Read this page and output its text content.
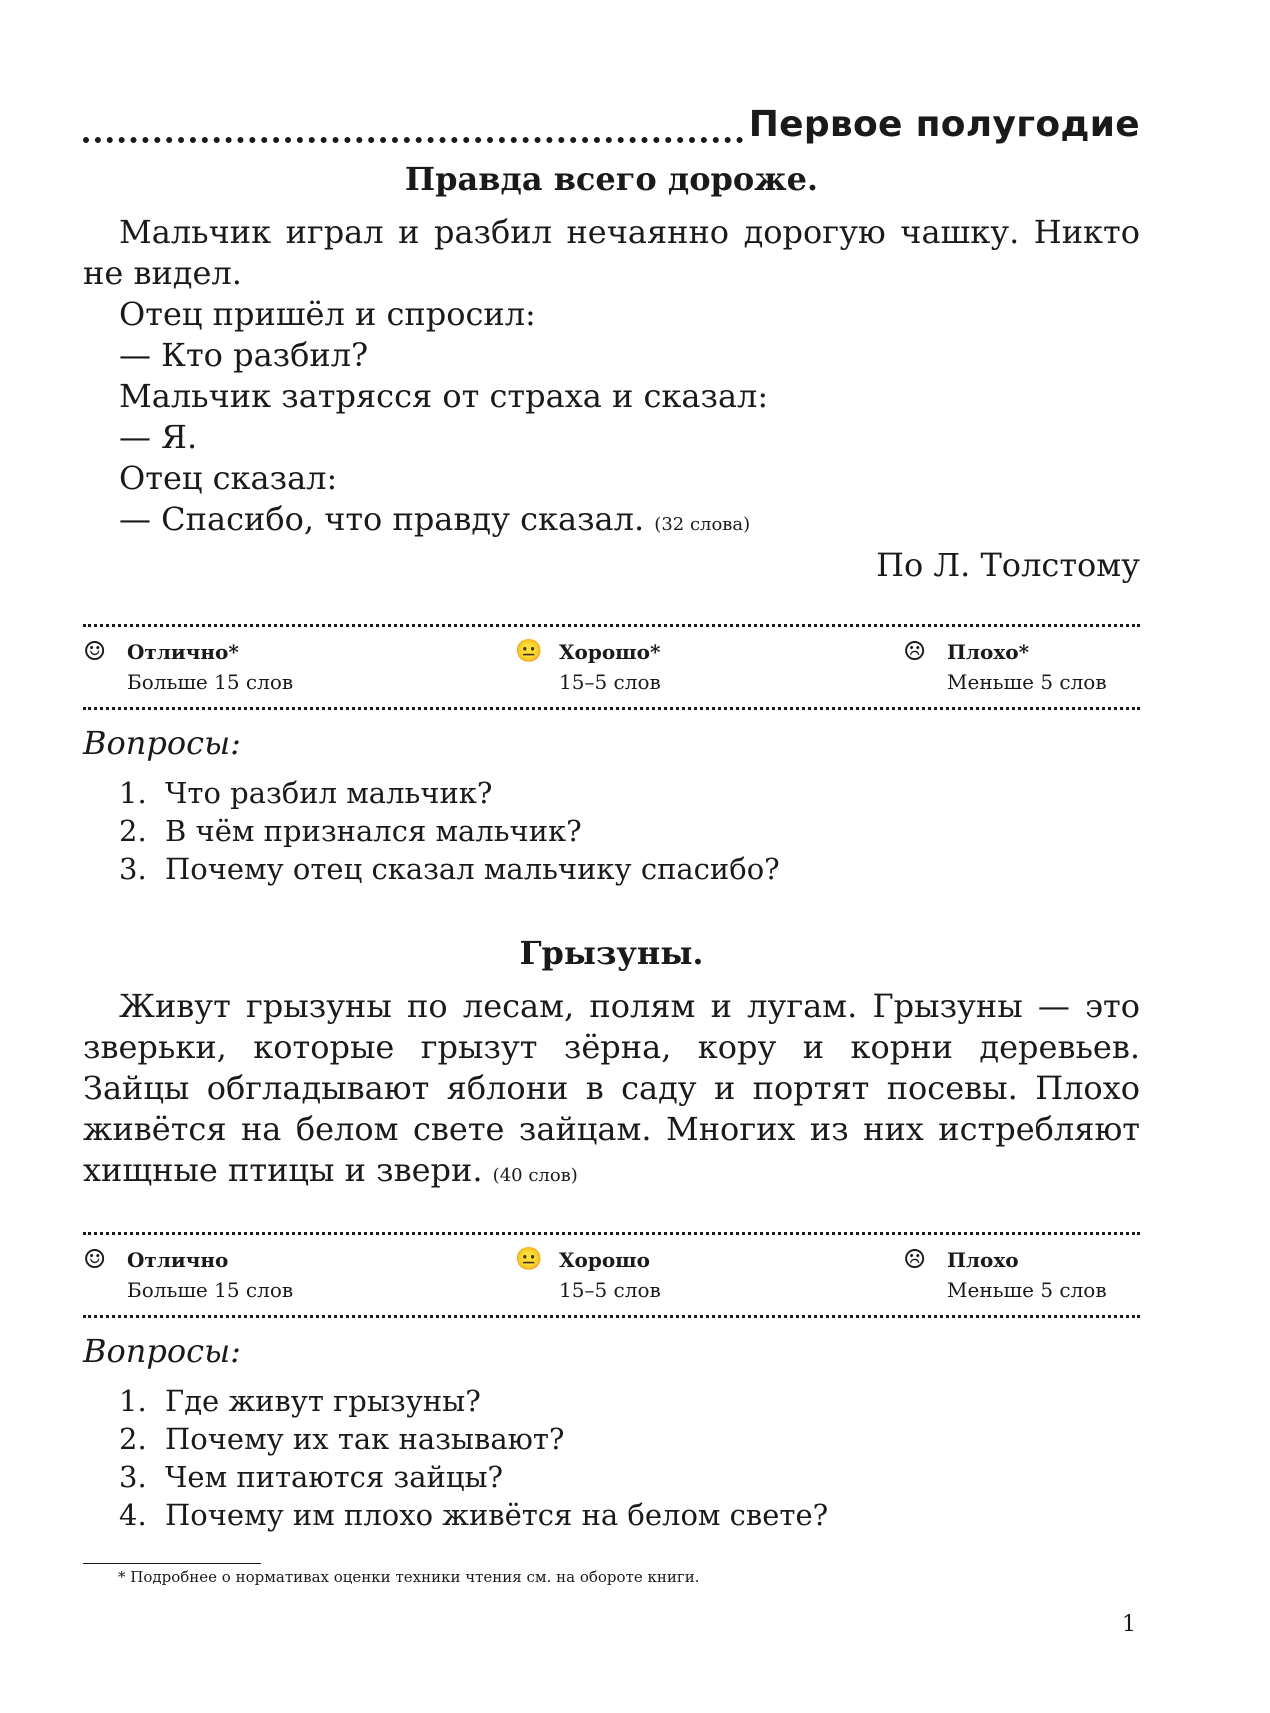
Первое полугодие
Правда всего дороже.

Мальчик играл и разбил нечаянно дорогую чашку. Никто не видел.

Отец пришёл и спросил:

— Кто разбил?

Мальчик затрясся от страха и сказал:

— Я.

Отец сказал:

— Спасибо, что правду сказал. (32 слова)

По Л. Толстому

☺ Отлично*
Больше 15 слов
😐 Хорошо*
15–5 слов
☹ Плохо*
Меньше 5 слов
Вопросы:
1. Что разбил мальчик?
2. В чём признался мальчик?
3. Почему отец сказал мальчику спасибо?
Грызуны.

Живут грызуны по лесам, полям и лугам. Грызуны — это зверьки, которые грызут зёрна, кору и корни деревьев. Зайцы обгладывают яблони в саду и портят посевы. Плохо живётся на белом свете зайцам. Многих из них истребляют хищные птицы и звери. (40 слов)

☺ Отлично
Больше 15 слов
😐 Хорошо
15–5 слов
☹ Плохо
Меньше 5 слов
Вопросы:
1. Где живут грызуны?
2. Почему их так называют?
3. Чем питаются зайцы?
4. Почему им плохо живётся на белом свете?
* Подробнее о нормативах оценки техники чтения см. на обороте книги.
1
